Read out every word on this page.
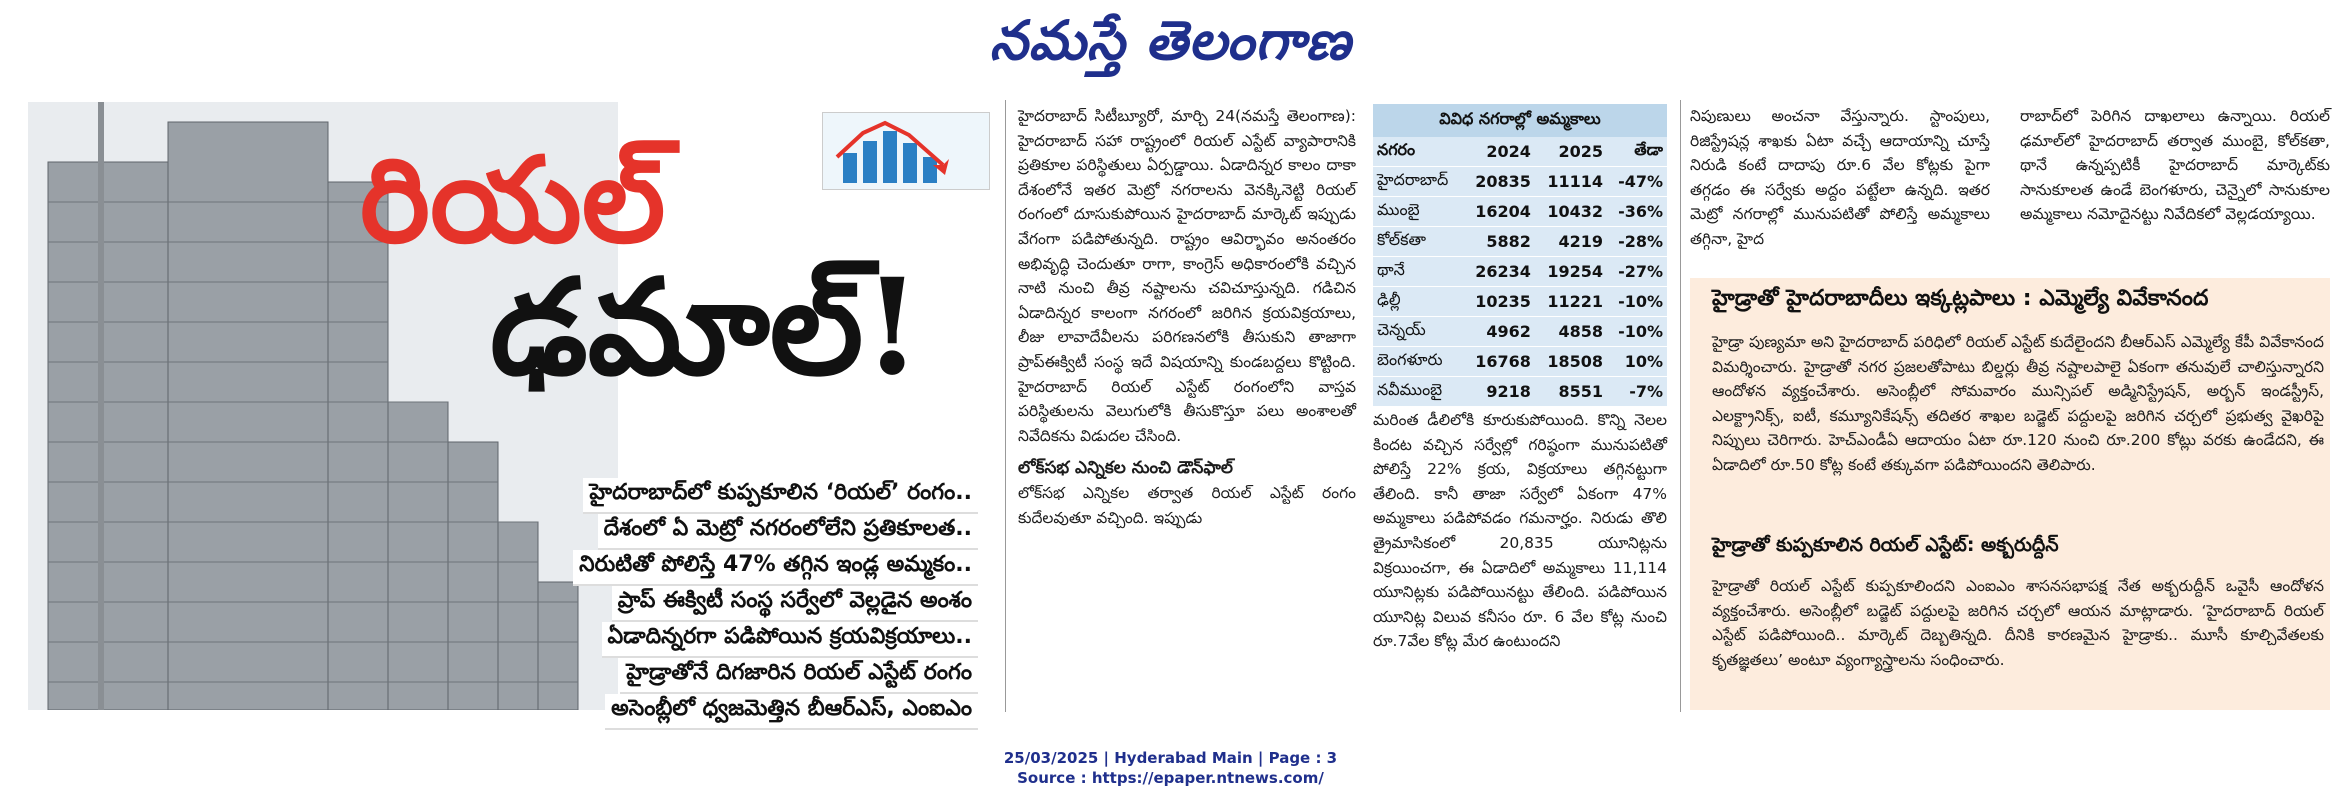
నమస్తే తెలంగాణ
రియల్
ఢమాల్!
హైదరాబాద్‌లో కుప్పకూలిన ‘రియల్’ రంగం..
దేశంలో ఏ మెట్రో నగరంలోలేని ప్రతికూలత..
నిరుటితో పోలిస్తే 47% తగ్గిన ఇండ్ల అమ్మకం..
ప్రాప్ ఈక్విటీ సంస్థ సర్వేలో వెల్లడైన అంశం
ఏడాదిన్నరగా పడిపోయిన క్రయవిక్రయాలు..
హైడ్రాతోనే దిగజారిన రియల్ ఎస్టేట్ రంగం
అసెంబ్లీలో ధ్వజమెత్తిన బీఆర్ఎస్, ఎంఐఎం
హైదరాబాద్ సిటీబ్యూరో, మార్చి 24(నమస్తే తెలంగాణ): హైదరాబాద్ సహా రాష్ట్రంలో రియల్ ఎస్టేట్ వ్యాపారానికి ప్రతికూల పరిస్థితులు ఏర్పడ్డాయి. ఏడాదిన్నర కాలం దాకా దేశంలోనే ఇతర మెట్రో నగరాలను వెనక్కినెట్టి రియల్ రంగంలో దూసుకుపోయిన హైదరాబాద్ మార్కెట్ ఇప్పుడు వేగంగా పడిపోతున్నది. రాష్ట్రం ఆవిర్భావం అనంతరం అభివృద్ధి చెందుతూ రాగా, కాంగ్రెస్ అధికారంలోకి వచ్చిన నాటి నుంచి తీవ్ర నష్టాలను చవిచూస్తున్నది. గడిచిన ఏడాదిన్నర కాలంగా నగరంలో జరిగిన క్రయవిక్రయాలు, లీజు లావాదేవీలను పరిగణనలోకి తీసుకుని తాజాగా ప్రాప్ఈక్విటీ సంస్థ ఇదే విషయాన్ని కుండబద్దలు కొట్టింది. హైదరాబాద్ రియల్ ఎస్టేట్ రంగంలోని వాస్తవ పరిస్థితులను వెలుగులోకి తీసుకొస్తూ పలు అంశాలతో నివేదికను విడుదల చేసింది.
లోక్‌సభ ఎన్నికల నుంచి డౌన్‌ఫాల్
లోక్‌సభ ఎన్నికల తర్వాత రియల్ ఎస్టేట్ రంగం కుదేలవుతూ వచ్చింది. ఇప్పుడు
వివిధ నగరాల్లో అమ్మకాలు
నగరం	2024	2025	తేడా
హైదరాబాద్	20835	11114	-47%
ముంబై	16204	10432	-36%
కోల్‌కతా	5882	4219	-28%
థానే	26234	19254	-27%
ఢిల్లీ	10235	11221	-10%
చెన్నయ్	4962	4858	-10%
బెంగళూరు	16768	18508	10%
నవీముంబై	9218	8551	-7%
మరింత డీలిలోకి కూరుకుపోయింది. కొన్ని నెలల కిందట వచ్చిన సర్వేల్లో గరిష్ఠంగా మునుపటితో పోలిస్తే 22% క్రయ, విక్రయాలు తగ్గినట్టుగా తేలింది. కానీ తాజా సర్వేలో ఏకంగా 47% అమ్మకాలు పడిపోవడం గమనార్హం. నిరుడు తొలి త్రైమాసికంలో 20,835 యూనిట్లను విక్రయించగా, ఈ ఏడాదిలో అమ్మకాలు 11,114 యూనిట్లకు పడిపోయినట్టు తేలింది. పడిపోయిన యూనిట్ల విలువ కనీసం రూ. 6 వేల కోట్ల నుంచి రూ.7వేల కోట్ల మేర ఉంటుందని
నిపుణులు అంచనా వేస్తున్నారు. స్టాంపులు, రిజిస్ట్రేషన్ల శాఖకు ఏటా వచ్చే ఆదాయాన్ని చూస్తే నిరుడి కంటే దాదాపు రూ.6 వేల కోట్లకు పైగా తగ్గడం ఈ సర్వేకు అద్దం పట్టేలా ఉన్నది. ఇతర మెట్రో నగరాల్లో మునుపటితో పోలిస్తే అమ్మకాలు తగ్గినా, హైద
రాబాద్‌లో పెరిగిన దాఖలాలు ఉన్నాయి. రియల్ ఢమాల్‌లో హైదరాబాద్ తర్వాత ముంబై, కోల్‌కతా, థానే ఉన్నప్పటికీ హైదరాబాద్ మార్కెట్‌కు సానుకూలత ఉండే బెంగళూరు, చెన్నైలో సానుకూల అమ్మకాలు నమోదైనట్టు నివేదికలో వెల్లడయ్యాయి.
హైడ్రాతో హైదరాబాదీలు ఇక్కట్లపాలు : ఎమ్మెల్యే వివేకానంద
హైడ్రా పుణ్యమా అని హైదరాబాద్ పరిధిలో రియల్ ఎస్టేట్ కుదేలైందని బీఆర్ఎస్ ఎమ్మెల్యే కేపీ వివేకానంద విమర్శించారు. హైడ్రాతో నగర ప్రజలతోపాటు బిల్డర్లు తీవ్ర నష్టాలపాలై ఏకంగా తనువులే చాలిస్తున్నారని ఆందోళన వ్యక్తంచేశారు. అసెంబ్లీలో సోమవారం మున్సిపల్ అడ్మినిస్ట్రేషన్, అర్బన్ ఇండస్ట్రీస్, ఎలక్ట్రానిక్స్, ఐటీ, కమ్యూనికేషన్స్ తదితర శాఖల బడ్జెట్ పద్దులపై జరిగిన చర్చలో ప్రభుత్వ వైఖరిపై నిప్పులు చెరిగారు. హెచ్ఎండీఏ ఆదాయం ఏటా రూ.120 నుంచి రూ.200 కోట్లు వరకు ఉండేదని, ఈ ఏడాదిలో రూ.50 కోట్ల కంటే తక్కువగా పడిపోయిందని తెలిపారు.
హైడ్రాతో కుప్పకూలిన రియల్ ఎస్టేట్: అక్బరుద్దీన్
హైడ్రాతో రియల్ ఎస్టేట్ కుప్పకూలిందని ఎంఐఎం శాసనసభాపక్ష నేత అక్బరుద్దీన్ ఒవైసీ ఆందోళన వ్యక్తంచేశారు. అసెంబ్లీలో బడ్జెట్ పద్దులపై జరిగిన చర్చలో ఆయన మాట్లాడారు. ‘హైదరాబాద్ రియల్ ఎస్టేట్ పడిపోయింది.. మార్కెట్ దెబ్బతిన్నది. దీనికి కారణమైన హైడ్రాకు.. మూసీ కూల్చివేతలకు కృతజ్ఞతలు’ అంటూ వ్యంగ్యాస్త్రాలను సంధించారు.
25/03/2025 | Hyderabad Main | Page : 3
Source : https://epaper.ntnews.com/
